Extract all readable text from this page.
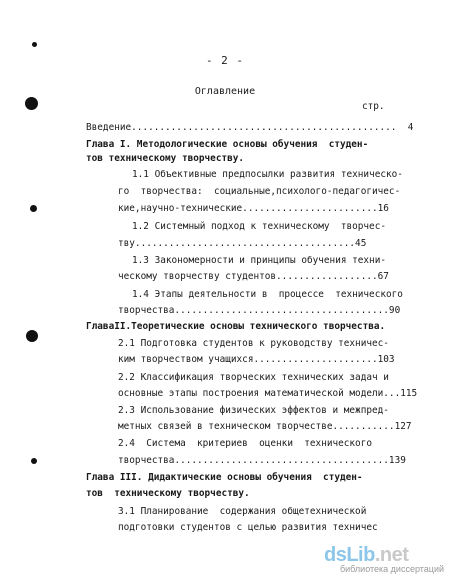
- 2 -
Оглавление
стр.
Введение...............................................  4
Глава I. Методологические основы обучения  студен-
тов техническому творчеству.
1.1 Объективные предпосылки развития техническо-
го  творчества:  социальные,психолого-педагогичес-
кие,научно-технические........................16
1.2 Системный подход к техническому  творчес-
тву.......................................45
1.3 Закономерности и принципы обучения техни-
ческому творчеству студентов..................67
1.4 Этапы деятельности в  процессе  технического
творчества......................................90
ГлаваII.Теоретические основы технического творчества.
2.1 Подготовка студентов к руководству техничес-
ким творчеством учащихся......................103
2.2 Классификация творческих технических задач и
основные этапы построения математической модели...115
2.3 Использование физических эффектов и межпред-
метных связей в техническом творчестве...........127
2.4  Система  критериев  оценки  технического
творчества......................................139
Глава III. Дидактические основы обучения  студен-
тов  техническому творчеству.
3.1 Планирование  содержания общетехнической
подготовки студентов с целью развития техничес
dsLib.net
библиотека диссертаций
